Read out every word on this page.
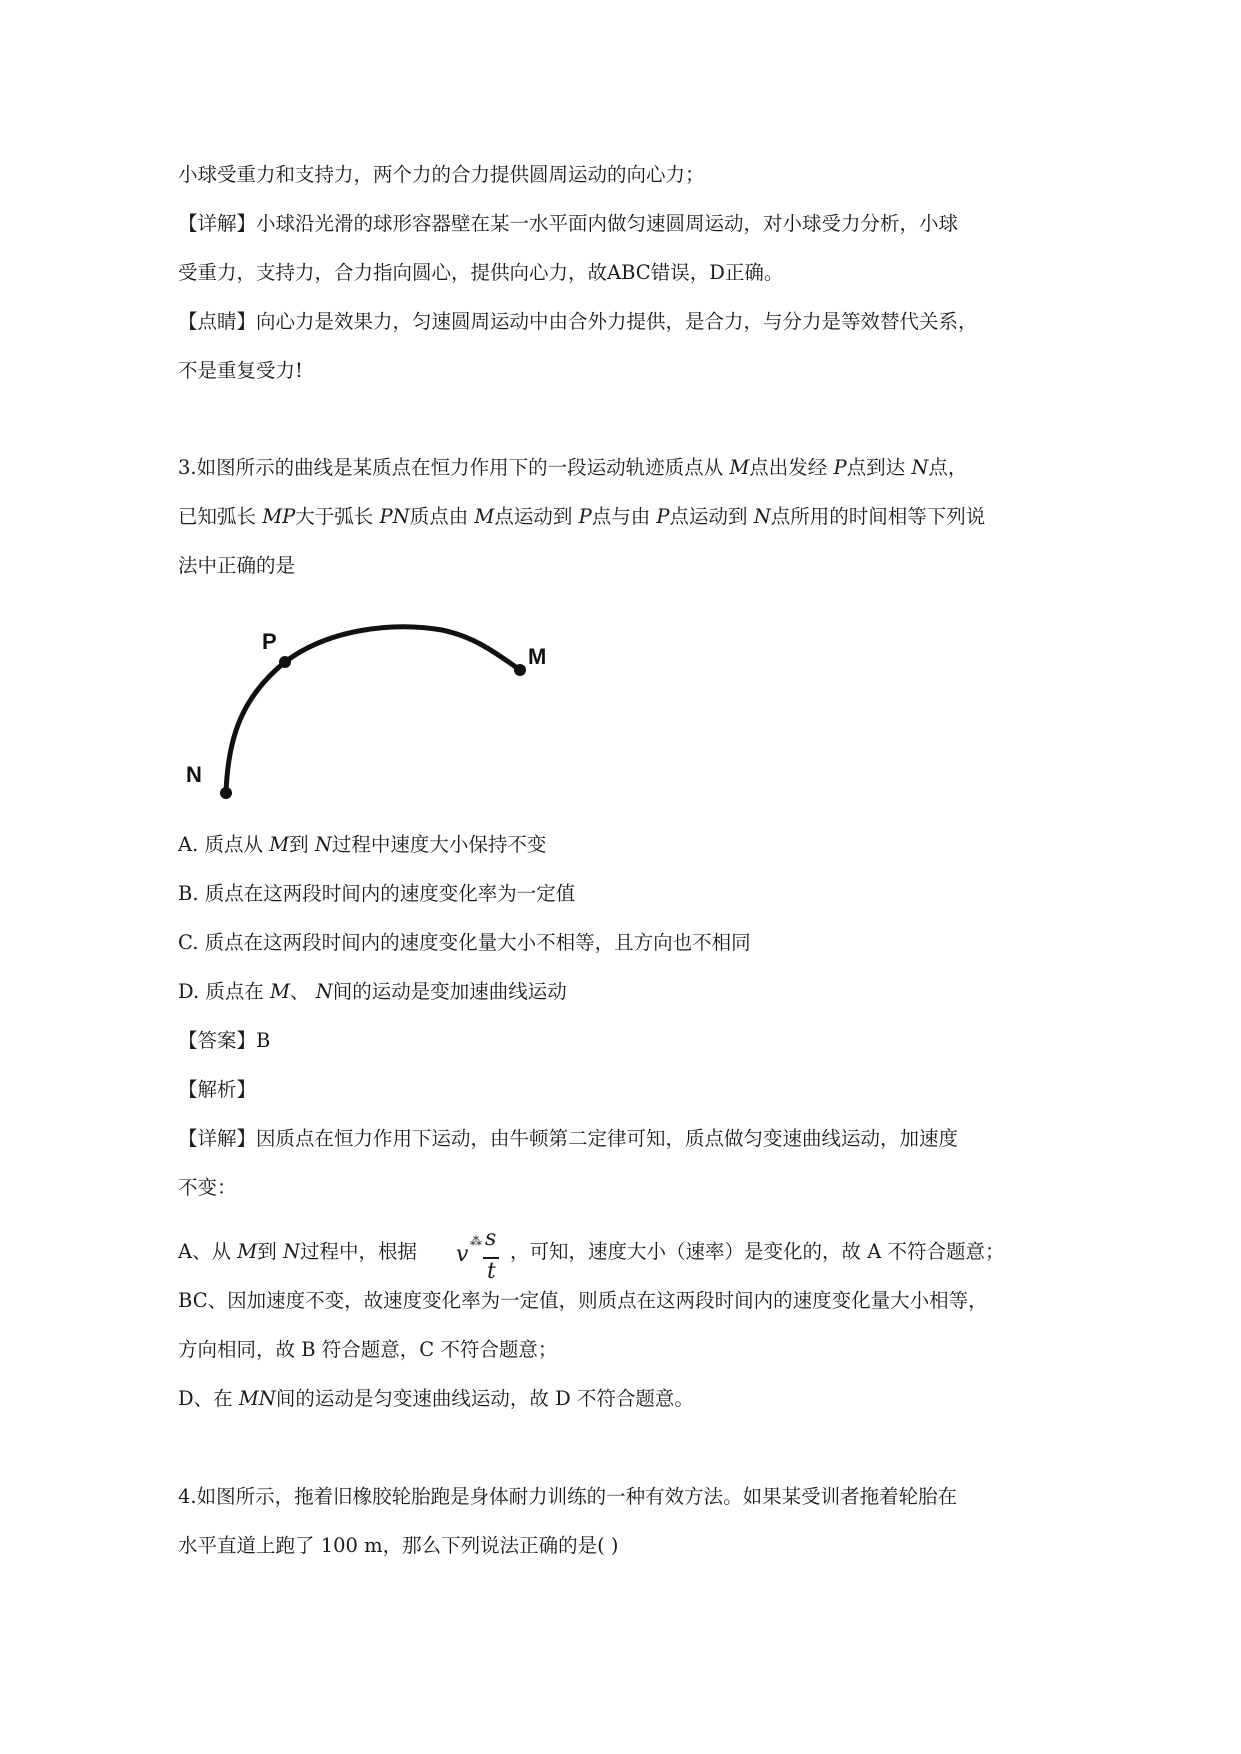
小球受重力和支持力，两个力的合力提供圆周运动的向心力；
【详解】小球沿光滑的球形容器壁在某一水平面内做匀速圆周运动，对小球受力分析，小球
受重力，支持力，合力指向圆心，提供向心力，故ABC错误，D正确。
【点睛】向心力是效果力，匀速圆周运动中由合外力提供，是合力，与分力是等效替代关系，
不是重复受力!
3.如图所示的曲线是某质点在恒力作用下的一段运动轨迹质点从 M点出发经 P点到达 N点，
已知弧长 MP大于弧长 PN质点由 M点运动到 P点与由 P点运动到 N点所用的时间相等下列说
法中正确的是
P
M
N
A. 质点从 M到 N过程中速度大小保持不变
B. 质点在这两段时间内的速度变化率为一定值
C. 质点在这两段时间内的速度变化量大小不相等，且方向也不相同
D. 质点在 M、 N间的运动是变加速曲线运动
【答案】B
【解析】
【详解】因质点在恒力作用下运动，由牛顿第二定律可知，质点做匀变速曲线运动，加速度
不变：
A、从 M到 N过程中，根据 v
⁂ s
t
，可知，速度大小（速率）是变化的，故 A 不符合题意；
BC、因加速度不变，故速度变化率为一定值，则质点在这两段时间内的速度变化量大小相等，
方向相同，故 B 符合题意，C 不符合题意；
D、在 MN间的运动是匀变速曲线运动，故 D 不符合题意。
4.如图所示，拖着旧橡胶轮胎跑是身体耐力训练的一种有效方法。如果某受训者拖着轮胎在
水平直道上跑了 100 m，那么下列说法正确的是( )
